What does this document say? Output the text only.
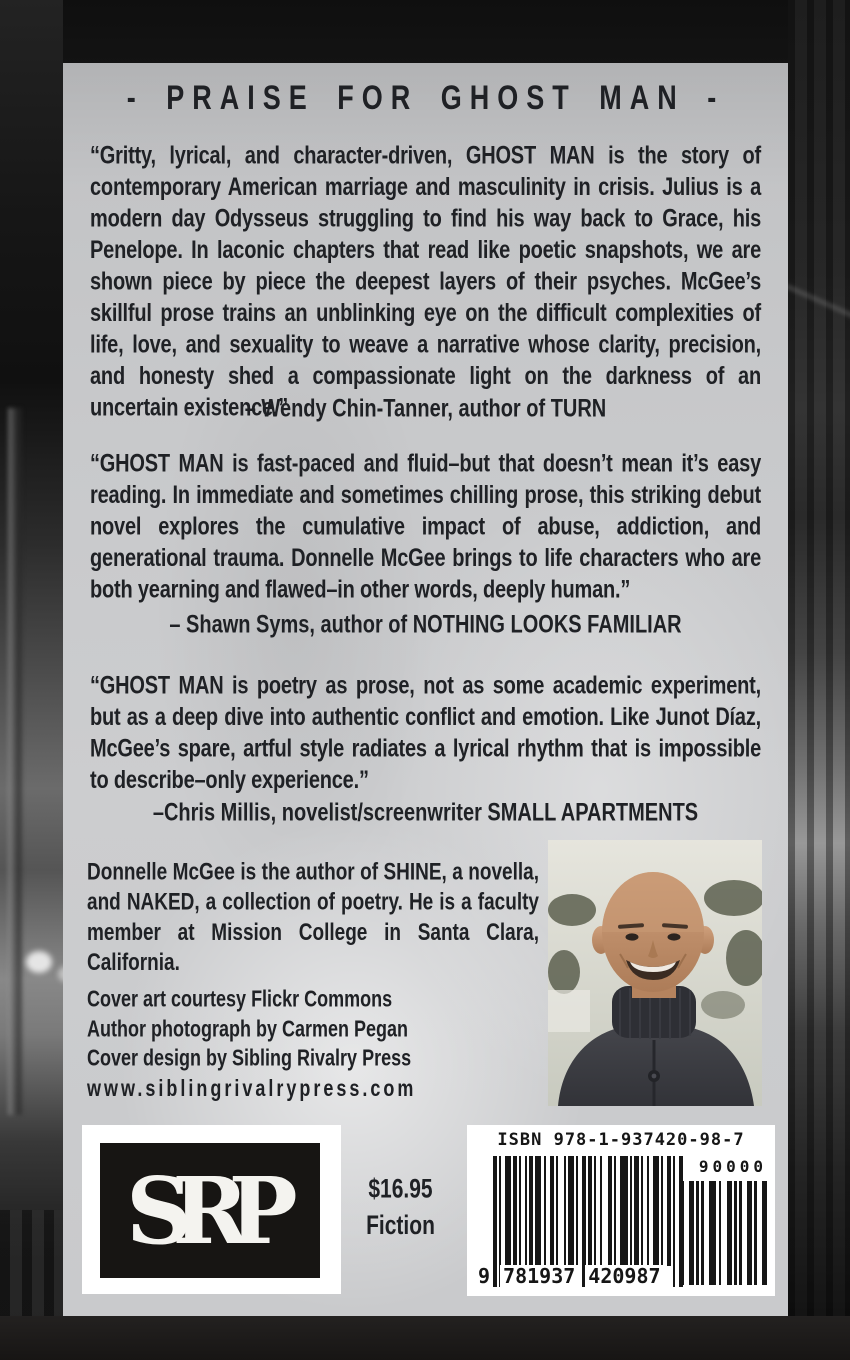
- PRAISE FOR GHOST MAN -

“Gritty, lyrical, and character-driven, GHOST MAN is the story of contemporary American marriage and masculinity in crisis. Julius is a modern day Odysseus struggling to find his way back to Grace, his Penelope. In laconic chapters that read like poetic snapshots, we are shown piece by piece the deepest layers of their psyches. McGee’s skillful prose trains an unblinking eye on the difficult complexities of life, love, and sexuality to weave a narrative whose clarity, precision, and honesty shed a compassionate light on the darkness of an uncertain existence.”

– Wendy Chin-Tanner, author of TURN

“GHOST MAN is fast-paced and fluid–but that doesn’t mean it’s easy reading. In immediate and sometimes chilling prose, this striking debut novel explores the cumulative impact of abuse, addiction, and generational trauma. Donnelle McGee brings to life characters who are both yearning and flawed–in other words, deeply human.”

– Shawn Syms, author of NOTHING LOOKS FAMILIAR

“GHOST MAN is poetry as prose, not as some academic experiment, but as a deep dive into authentic conflict and emotion. Like Junot Díaz, McGee’s spare, artful style radiates a lyrical rhythm that is impossible to describe–only experience.”

–Chris Millis, novelist/screenwriter SMALL APARTMENTS

Donnelle McGee is the author of SHINE, a novella, and NAKED, a collection of poetry. He is a faculty member at Mission College in Santa Clara, California.

Cover art courtesy Flickr Commons
Author photograph by Carmen Pegan
Cover design by Sibling Rivalry Press
www.siblingrivalrypress.com
SRP	$16.95
Fiction
ISBN 978-1-937420-98-7
90000
9 781937 420987
